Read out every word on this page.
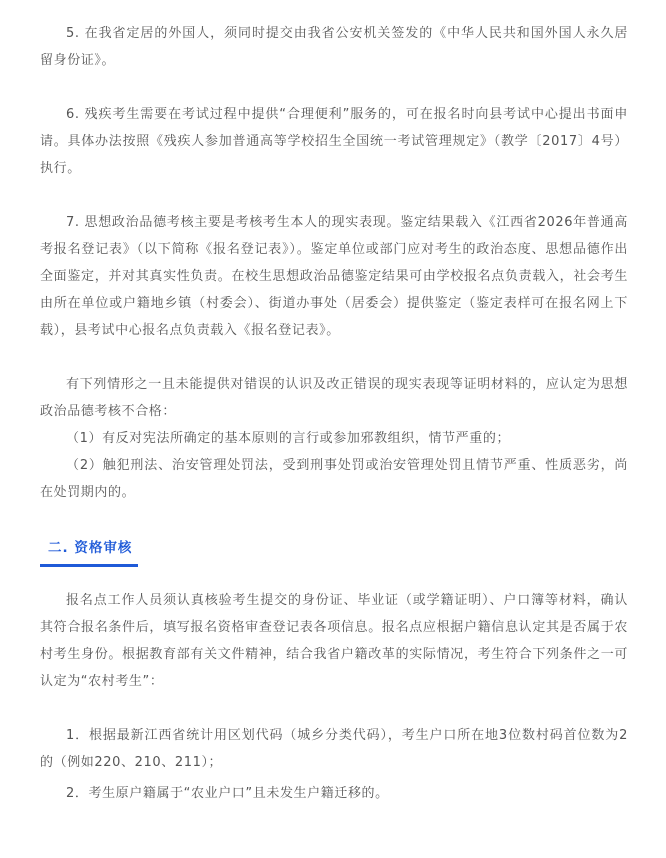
5. 在我省定居的外国人，须同时提交由我省公安机关签发的《中华人民共和国外国人永久居留身份证》。

6. 残疾考生需要在考试过程中提供“合理便利”服务的，可在报名时向县考试中心提出书面申请。具体办法按照《残疾人参加普通高等学校招生全国统一考试管理规定》（教学〔2017〕4号）执行。

7. 思想政治品德考核主要是考核考生本人的现实表现。鉴定结果载入《江西省2026年普通高考报名登记表》（以下简称《报名登记表》）。鉴定单位或部门应对考生的政治态度、思想品德作出全面鉴定，并对其真实性负责。在校生思想政治品德鉴定结果可由学校报名点负责载入，社会考生由所在单位或户籍地乡镇（村委会）、街道办事处（居委会）提供鉴定（鉴定表样可在报名网上下载），县考试中心报名点负责载入《报名登记表》。

有下列情形之一且未能提供对错误的认识及改正错误的现实表现等证明材料的，应认定为思想政治品德考核不合格：

（1）有反对宪法所确定的基本原则的言行或参加邪教组织，情节严重的；

（2）触犯刑法、治安管理处罚法，受到刑事处罚或治安管理处罚且情节严重、性质恶劣，尚在处罚期内的。

二. 资格审核

报名点工作人员须认真核验考生提交的身份证、毕业证（或学籍证明）、户口簿等材料，确认其符合报名条件后，填写报名资格审查登记表各项信息。报名点应根据户籍信息认定其是否属于农村考生身份。根据教育部有关文件精神，结合我省户籍改革的实际情况，考生符合下列条件之一可认定为“农村考生”：

1．根据最新江西省统计用区划代码（城乡分类代码），考生户口所在地3位数村码首位数为2的（例如220、210、211）；

2．考生原户籍属于“农业户口”且未发生户籍迁移的。
